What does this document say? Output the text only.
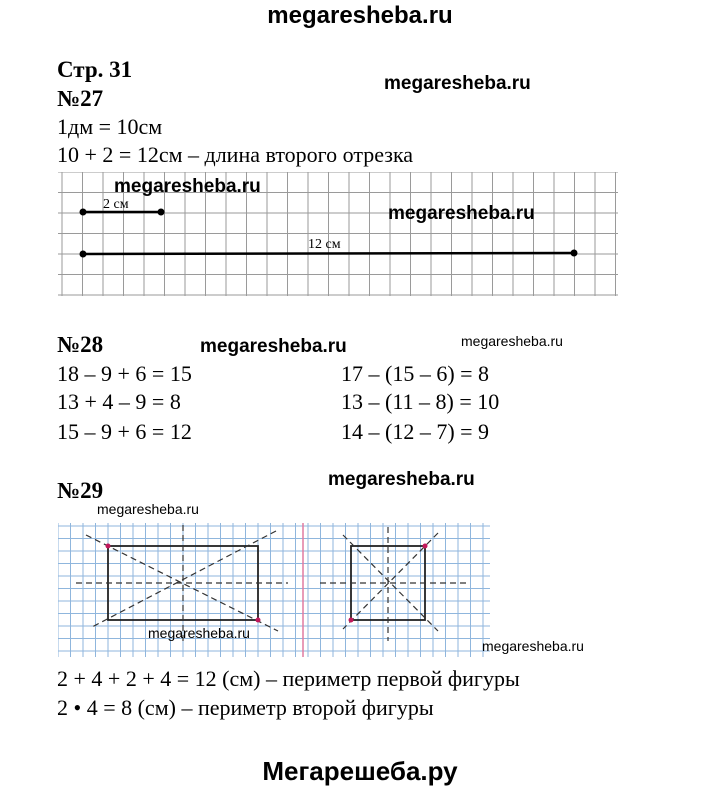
megaresheba.ru
Мегарешеба.ру
megaresheba.ru
megaresheba.ru	megaresheba.ru
megaresheba.ru
Стр. 31
№27
1дм = 10см
10 + 2 = 12см – длина второго отрезка
2 см
12 см
megaresheba.ru
megaresheba.ru
№28
18 – 9 + 6 = 15
13 + 4 – 9 = 8
15 – 9 + 6 = 12
17 – (15 – 6) = 8
13 – (11 – 8) = 10
14 – (12 – 7) = 9
№29
megaresheba.ru
megaresheba.ru
megaresheba.ru
2 + 4 + 2 + 4 = 12 (см) – периметр первой фигуры
2 • 4 = 8 (см) – периметр второй фигуры
